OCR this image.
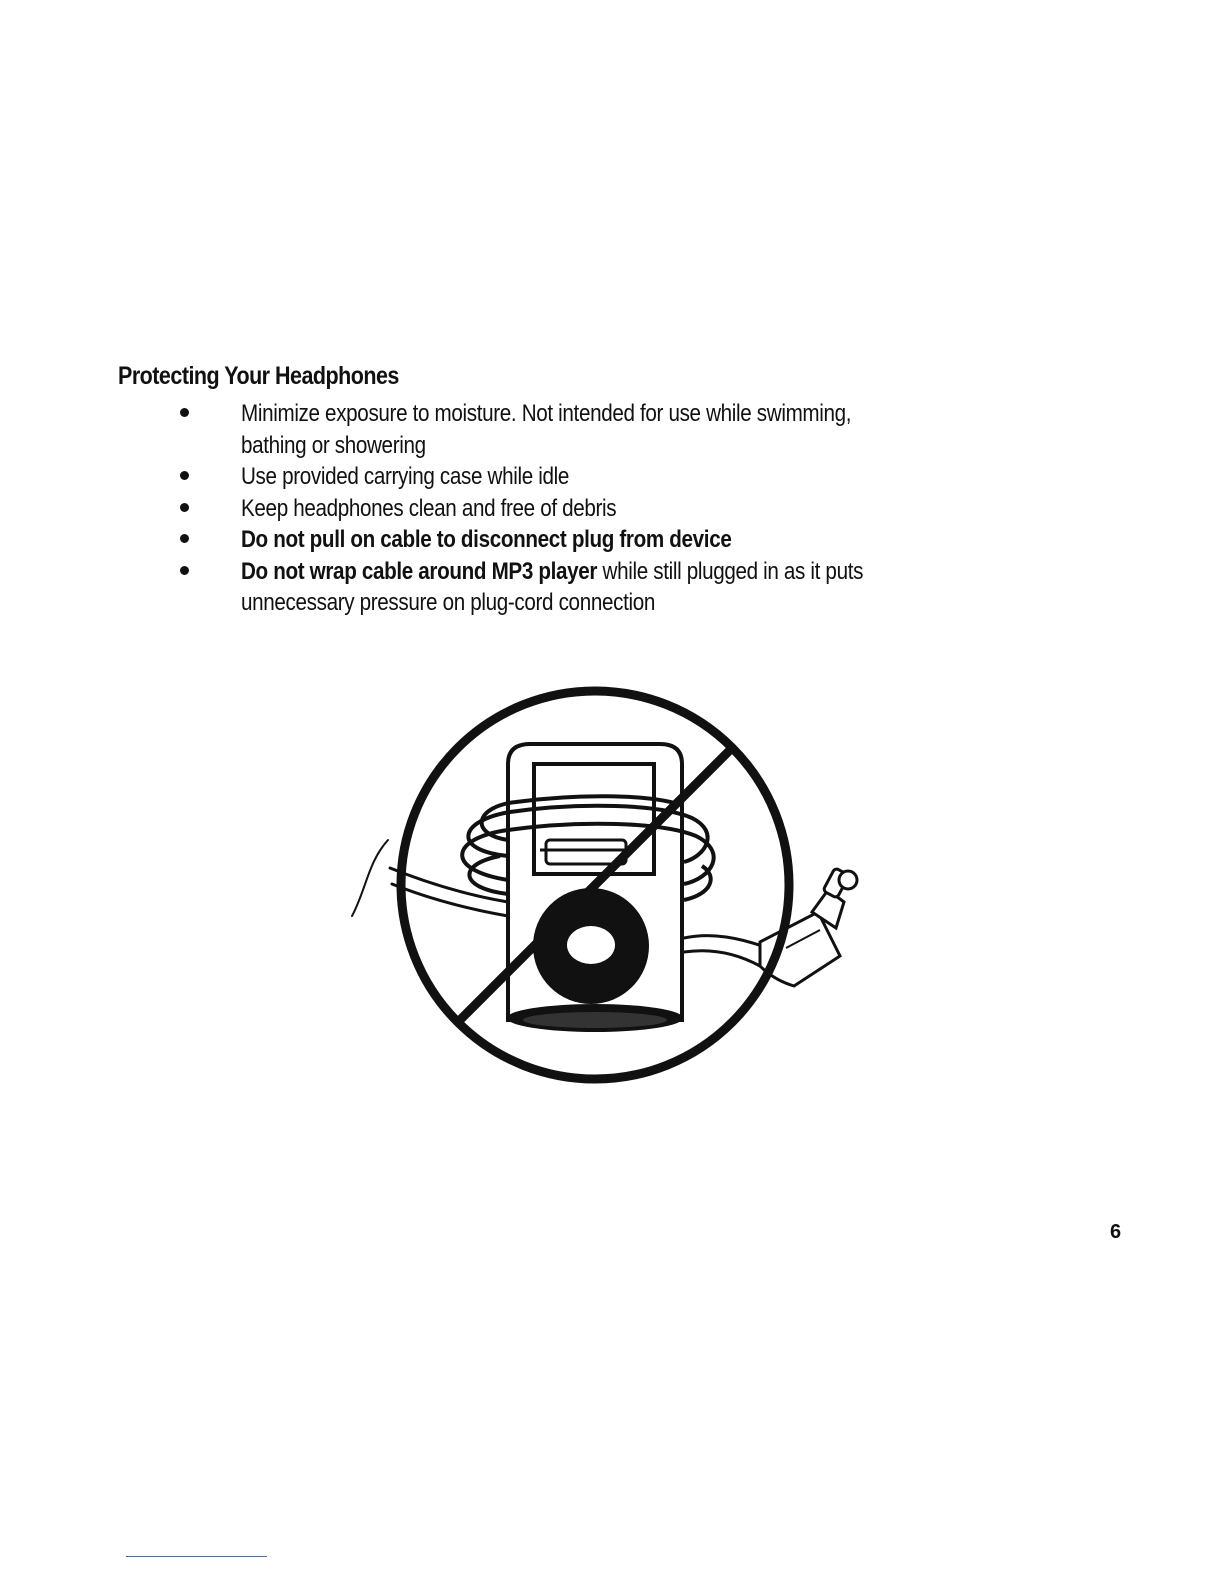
Protecting Your Headphones
Minimize exposure to moisture. Not intended for use while swimming, bathing or showering
Use provided carrying case while idle
Keep headphones clean and free of debris
Do not pull on cable to disconnect plug from device
Do not wrap cable around MP3 player while still plugged in as it puts unnecessary pressure on plug-cord connection
6
